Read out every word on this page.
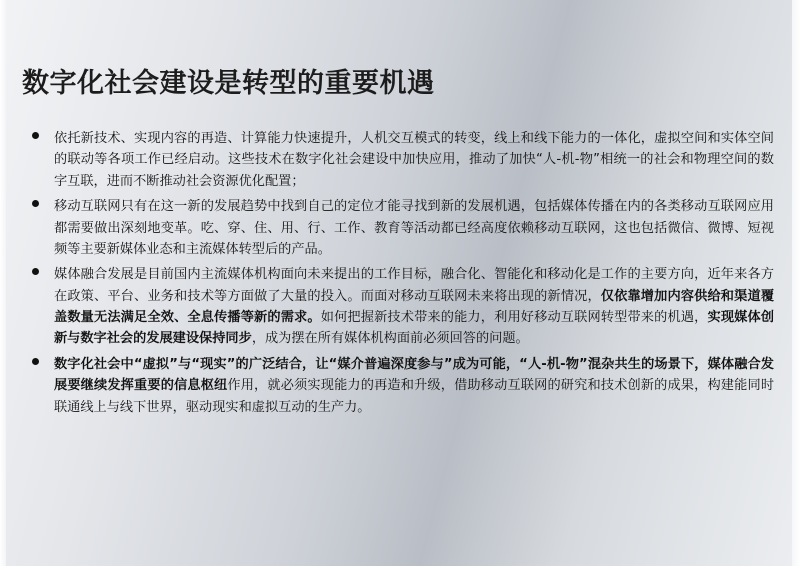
数字化社会建设是转型的重要机遇
依托新技术、实现内容的再造、计算能力快速提升，人机交互模式的转变，线上和线下能力的一体化，虚拟空间和实体空间的联动等各项工作已经启动。这些技术在数字化社会建设中加快应用，推动了加快“人-机-物”相统一的社会和物理空间的数字互联，进而不断推动社会资源优化配置；
移动互联网只有在这一新的发展趋势中找到自己的定位才能寻找到新的发展机遇，包括媒体传播在内的各类移动互联网应用都需要做出深刻地变革。吃、穿、住、用、行、工作、教育等活动都已经高度依赖移动互联网，这也包括微信、微博、短视频等主要新媒体业态和主流媒体转型后的产品。
媒体融合发展是目前国内主流媒体机构面向未来提出的工作目标，融合化、智能化和移动化是工作的主要方向，近年来各方在政策、平台、业务和技术等方面做了大量的投入。而面对移动互联网未来将出现的新情况，仅依靠增加内容供给和渠道覆盖数量无法满足全效、全息传播等新的需求。如何把握新技术带来的能力，利用好移动互联网转型带来的机遇，实现媒体创新与数字社会的发展建设保持同步，成为摆在所有媒体机构面前必须回答的问题。
数字化社会中“虚拟”与“现实”的广泛结合，让“媒介普遍深度参与”成为可能，“人-机-物”混杂共生的场景下，媒体融合发展要继续发挥重要的信息枢纽作用，就必须实现能力的再造和升级，借助移动互联网的研究和技术创新的成果，构建能同时联通线上与线下世界，驱动现实和虚拟互动的生产力。
